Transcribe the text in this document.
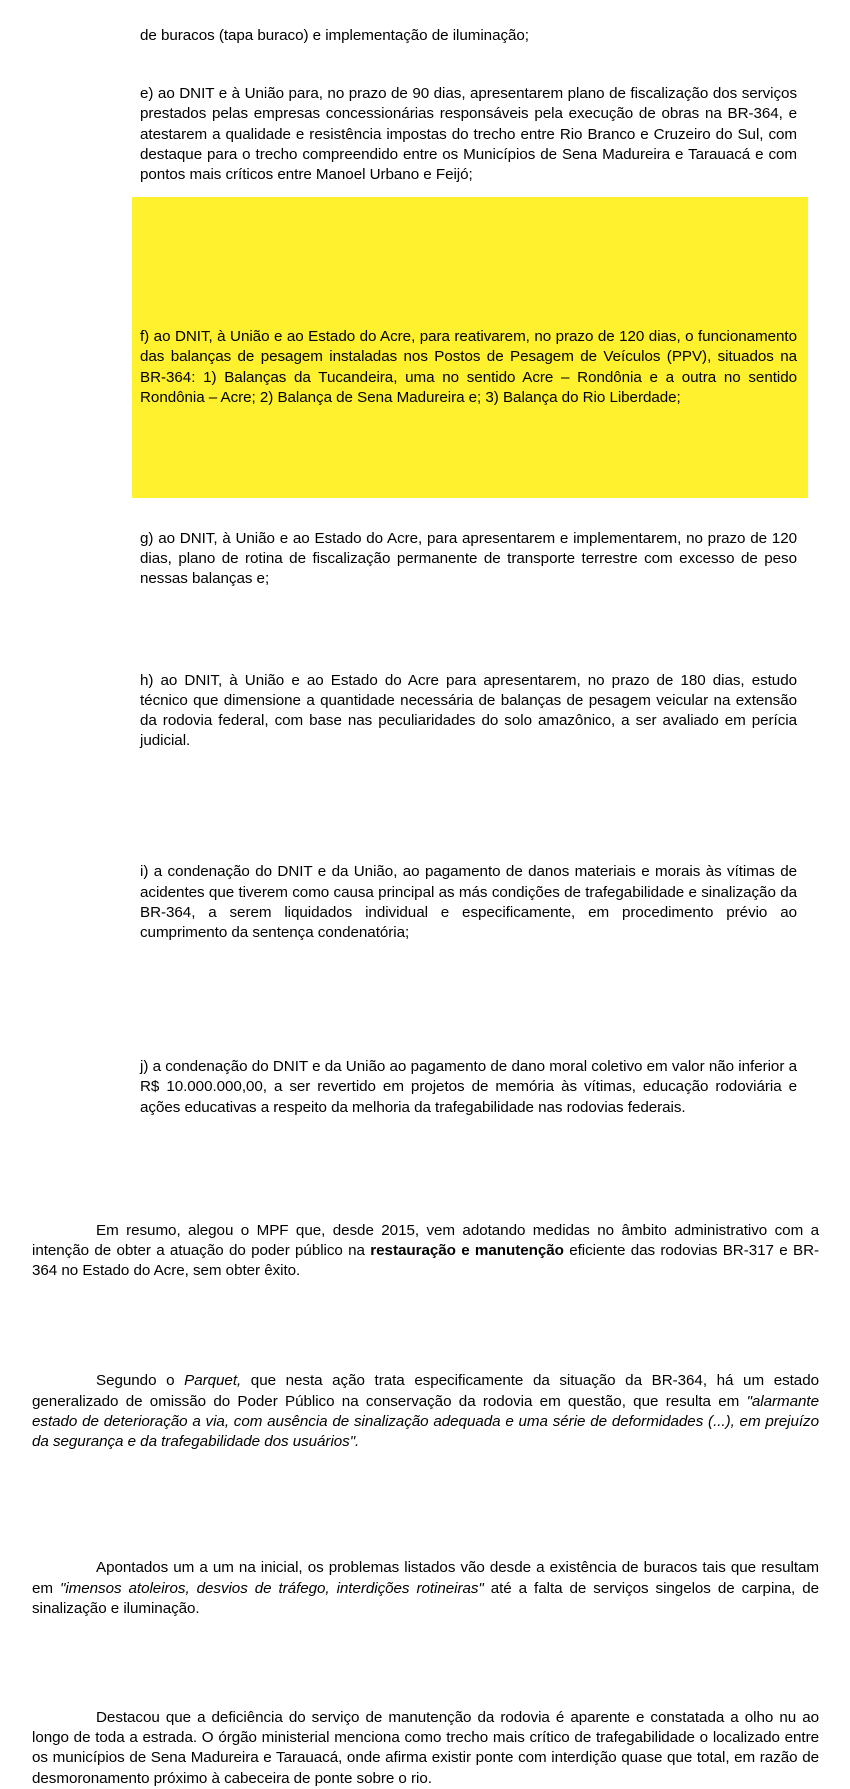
de buracos (tapa buraco) e implementação de iluminação;

e) ao DNIT e à União para, no prazo de 90 dias, apresentarem plano de fiscalização dos serviços prestados pelas empresas concessionárias responsáveis pela execução de obras na BR-364, e atestarem a qualidade e resistência impostas do trecho entre Rio Branco e Cruzeiro do Sul, com destaque para o trecho compreendido entre os Municípios de Sena Madureira e Tarauacá e com pontos mais críticos entre Manoel Urbano e Feijó;

f) ao DNIT, à União e ao Estado do Acre, para reativarem, no prazo de 120 dias, o funcionamento das balanças de pesagem instaladas nos Postos de Pesagem de Veículos (PPV), situados na BR-364: 1) Balanças da Tucandeira, uma no sentido Acre – Rondônia e a outra no sentido Rondônia – Acre; 2) Balança de Sena Madureira e; 3) Balança do Rio Liberdade;

g) ao DNIT, à União e ao Estado do Acre, para apresentarem e implementarem, no prazo de 120 dias, plano de rotina de fiscalização permanente de transporte terrestre com excesso de peso nessas balanças e;

h) ao DNIT, à União e ao Estado do Acre para apresentarem, no prazo de 180 dias, estudo técnico que dimensione a quantidade necessária de balanças de pesagem veicular na extensão da rodovia federal, com base nas peculiaridades do solo amazônico, a ser avaliado em perícia judicial.

i) a condenação do DNIT e da União, ao pagamento de danos materiais e morais às vítimas de acidentes que tiverem como causa principal as más condições de trafegabilidade e sinalização da BR-364, a serem liquidados individual e especificamente, em procedimento prévio ao cumprimento da sentença condenatória;

j) a condenação do DNIT e da União ao pagamento de dano moral coletivo em valor não inferior a R$ 10.000.000,00, a ser revertido em projetos de memória às vítimas, educação rodoviária e ações educativas a respeito da melhoria da trafegabilidade nas rodovias federais.

Em resumo, alegou o MPF que, desde 2015, vem adotando medidas no âmbito administrativo com a intenção de obter a atuação do poder público na restauração e manutenção eficiente das rodovias BR-317 e BR-364 no Estado do Acre, sem obter êxito.

Segundo o Parquet, que nesta ação trata especificamente da situação da BR-364, há um estado generalizado de omissão do Poder Público na conservação da rodovia em questão, que resulta em "alarmante estado de deterioração a via, com ausência de sinalização adequada e uma série de deformidades (...), em prejuízo da segurança e da trafegabilidade dos usuários".

Apontados um a um na inicial, os problemas listados vão desde a existência de buracos tais que resultam em "imensos atoleiros, desvios de tráfego, interdições rotineiras" até a falta de serviços singelos de carpina, de sinalização e iluminação.

Destacou que a deficiência do serviço de manutenção da rodovia é aparente e constatada a olho nu ao longo de toda a estrada. O órgão ministerial menciona como trecho mais crítico de trafegabilidade o localizado entre os municípios de Sena Madureira e Tarauacá, onde afirma existir ponte com interdição quase que total, em razão de desmoronamento próximo à cabeceira de ponte sobre o rio.
